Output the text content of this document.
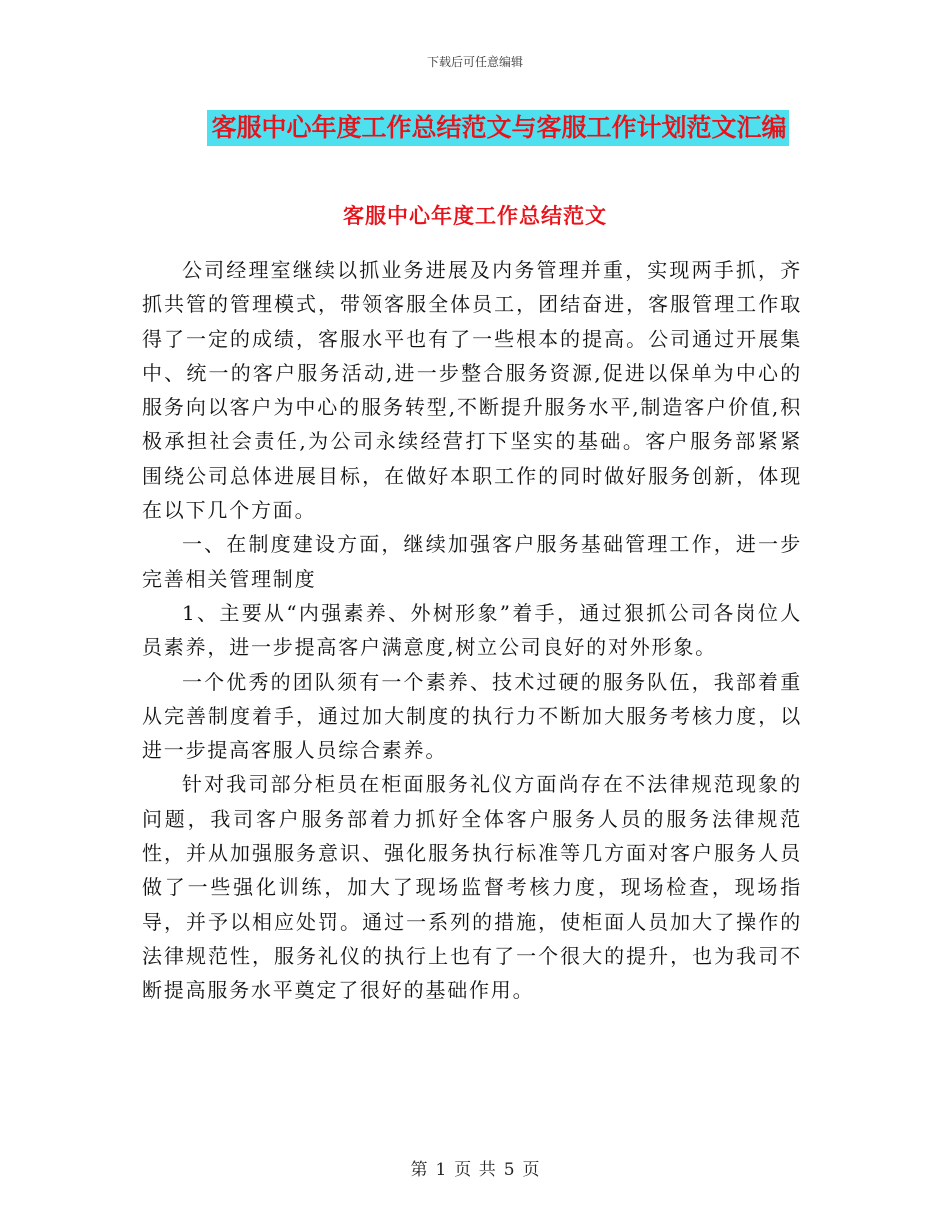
下载后可任意编辑
客服中心年度工作总结范文与客服工作计划范文汇编
客服中心年度工作总结范文

公司经理室继续以抓业务进展及内务管理并重，实现两手抓，齐抓共管的管理模式，带领客服全体员工，团结奋进，客服管理工作取得了一定的成绩，客服水平也有了一些根本的提高。公司通过开展集中、统一的客户服务活动,进一步整合服务资源,促进以保单为中心的服务向以客户为中心的服务转型,不断提升服务水平,制造客户价值,积极承担社会责任,为公司永续经营打下坚实的基础。客户服务部紧紧围绕公司总体进展目标，在做好本职工作的同时做好服务创新，体现在以下几个方面。

一、在制度建设方面，继续加强客户服务基础管理工作，进一步完善相关管理制度

1、主要从“内强素养、外树形象”着手，通过狠抓公司各岗位人员素养，进一步提高客户满意度,树立公司良好的对外形象。

一个优秀的团队须有一个素养、技术过硬的服务队伍，我部着重从完善制度着手，通过加大制度的执行力不断加大服务考核力度，以进一步提高客服人员综合素养。

针对我司部分柜员在柜面服务礼仪方面尚存在不法律规范现象的问题，我司客户服务部着力抓好全体客户服务人员的服务法律规范性，并从加强服务意识、强化服务执行标准等几方面对客户服务人员做了一些强化训练，加大了现场监督考核力度，现场检查，现场指导，并予以相应处罚。通过一系列的措施，使柜面人员加大了操作的法律规范性，服务礼仪的执行上也有了一个很大的提升，也为我司不断提高服务水平奠定了很好的基础作用。

第 1 页 共 5 页
